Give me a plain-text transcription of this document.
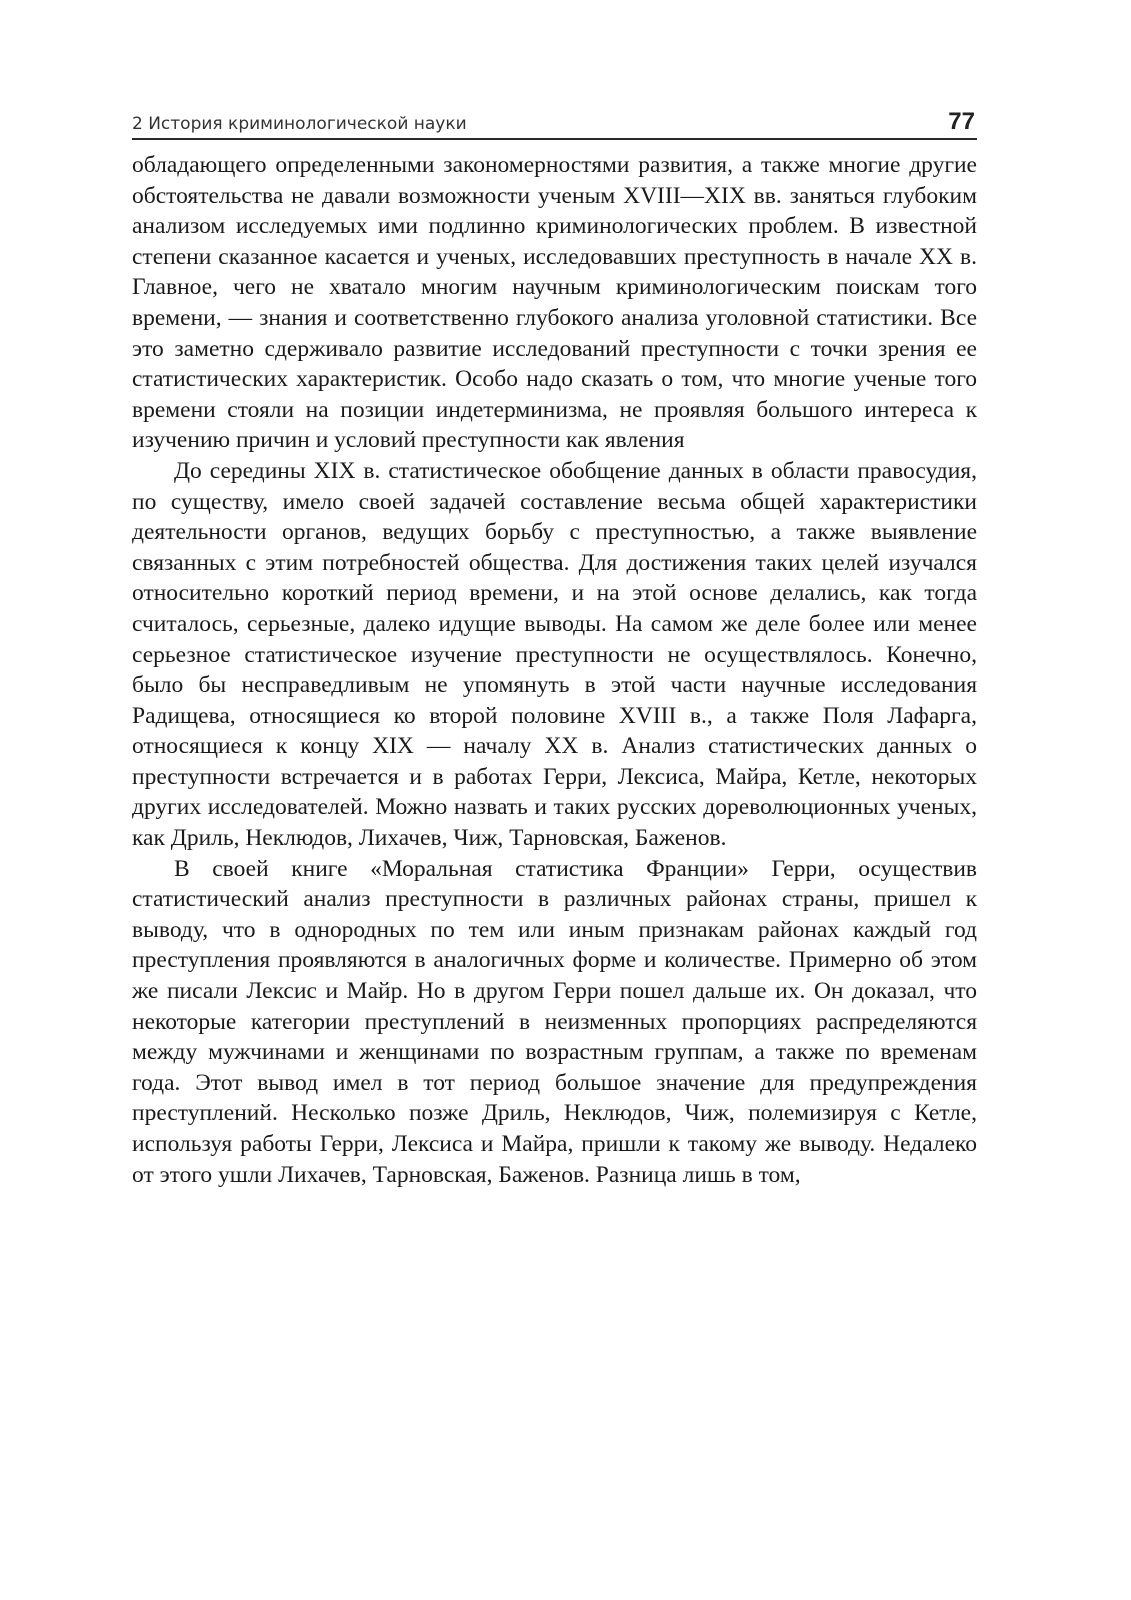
2 История криминологической науки	77

обладающего определенными закономерностями развития, а также многие другие обстоятельства не давали возможности ученым XVIII—XIX вв. заняться глубоким анализом исследуемых ими подлинно криминологических проблем. В известной степени сказанное касается и ученых, исследовавших преступность в начале XX в. Главное, чего не хватало многим научным криминологическим поискам того времени, — знания и соответственно глубокого анализа уголовной статистики. Все это заметно сдерживало развитие исследований преступности с точки зрения ее статистических характеристик. Особо надо сказать о том, что многие ученые того времени стояли на позиции индетерминизма, не проявляя большого интереса к изучению причин и условий преступности как явления

До середины XIX в. статистическое обобщение данных в области правосудия, по существу, имело своей задачей составление весьма общей характеристики деятельности органов, ведущих борьбу с преступностью, а также выявление связанных с этим потребностей общества. Для достижения таких целей изучался относительно короткий период времени, и на этой основе делались, как тогда считалось, серьезные, далеко идущие выводы. На самом же деле более или менее серьезное статистическое изучение преступности не осуществлялось. Конечно, было бы несправедливым не упомянуть в этой части научные исследования Радищева, относящиеся ко второй половине XVIII в., а также Поля Лафарга, относящиеся к концу XIX — началу XX в. Анализ статистических данных о преступности встречается и в работах Герри, Лексиса, Майра, Кетле, некоторых других исследователей. Можно назвать и таких русских дореволюционных ученых, как Дриль, Неклюдов, Лихачев, Чиж, Тарновская, Баженов.

В своей книге «Моральная статистика Франции» Герри, осуществив статистический анализ преступности в различных районах страны, пришел к выводу, что в однородных по тем или иным признакам районах каждый год преступления проявляются в аналогичных форме и количестве. Примерно об этом же писали Лексис и Майр. Но в другом Герри пошел дальше их. Он доказал, что некоторые категории преступлений в неизменных пропорциях распределяются между мужчинами и женщинами по возрастным группам, а также по временам года. Этот вывод имел в тот период большое значение для предупреждения преступлений. Несколько позже Дриль, Неклюдов, Чиж, полемизируя с Кетле, используя работы Герри, Лексиса и Майра, пришли к такому же выводу. Недалеко от этого ушли Лихачев, Тарновская, Баженов. Разница лишь в том,
